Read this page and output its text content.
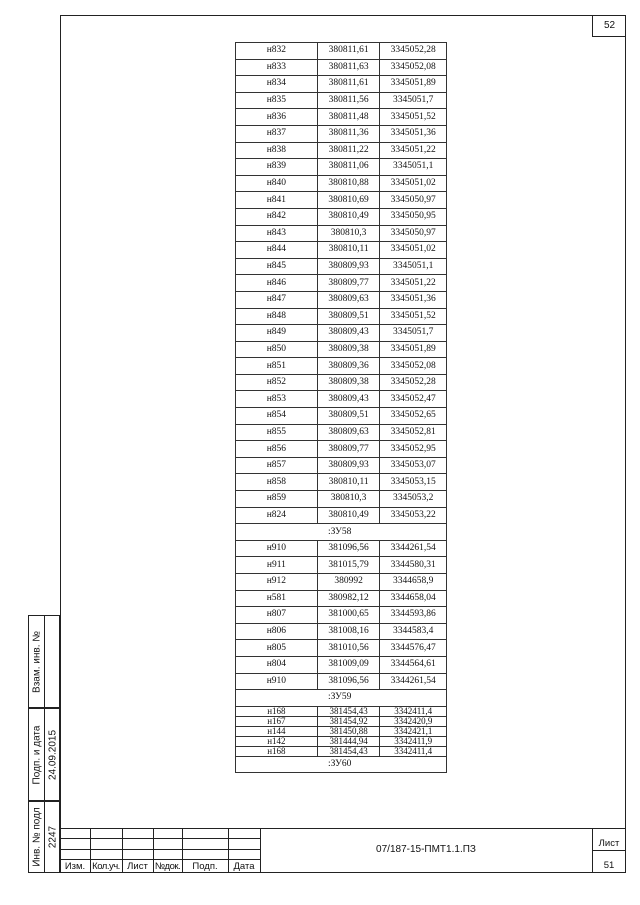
52
н832	380811,61	3345052,28
н833	380811,63	3345052,08
н834	380811,61	3345051,89
н835	380811,56	3345051,7
н836	380811,48	3345051,52
н837	380811,36	3345051,36
н838	380811,22	3345051,22
н839	380811,06	3345051,1
н840	380810,88	3345051,02
н841	380810,69	3345050,97
н842	380810,49	3345050,95
н843	380810,3	3345050,97
н844	380810,11	3345051,02
н845	380809,93	3345051,1
н846	380809,77	3345051,22
н847	380809,63	3345051,36
н848	380809,51	3345051,52
н849	380809,43	3345051,7
н850	380809,38	3345051,89
н851	380809,36	3345052,08
н852	380809,38	3345052,28
н853	380809,43	3345052,47
н854	380809,51	3345052,65
н855	380809,63	3345052,81
н856	380809,77	3345052,95
н857	380809,93	3345053,07
н858	380810,11	3345053,15
н859	380810,3	3345053,2
н824	380810,49	3345053,22
:ЗУ58		
н910	381096,56	3344261,54
н911	381015,79	3344580,31
н912	380992	3344658,9
н581	380982,12	3344658,04
н807	381000,65	3344593,86
н806	381008,16	3344583,4
н805	381010,56	3344576,47
н804	381009,09	3344564,61
н910	381096,56	3344261,54
:ЗУ59		
н168	381454,43	3342411,4
н167	381454,92	3342420,9
н144	381450,88	3342421,1
н142	381444,94	3342411,9
н168	381454,43	3342411,4
:ЗУ60		
Взам. инв. №
Подп. и дата 24.09.2015
Инв. № подл 2247
Изм. Кол.уч. Лист №док.	Подп.	Дата
07/187-15-ПМТ1.1.ПЗ
Лист
51
